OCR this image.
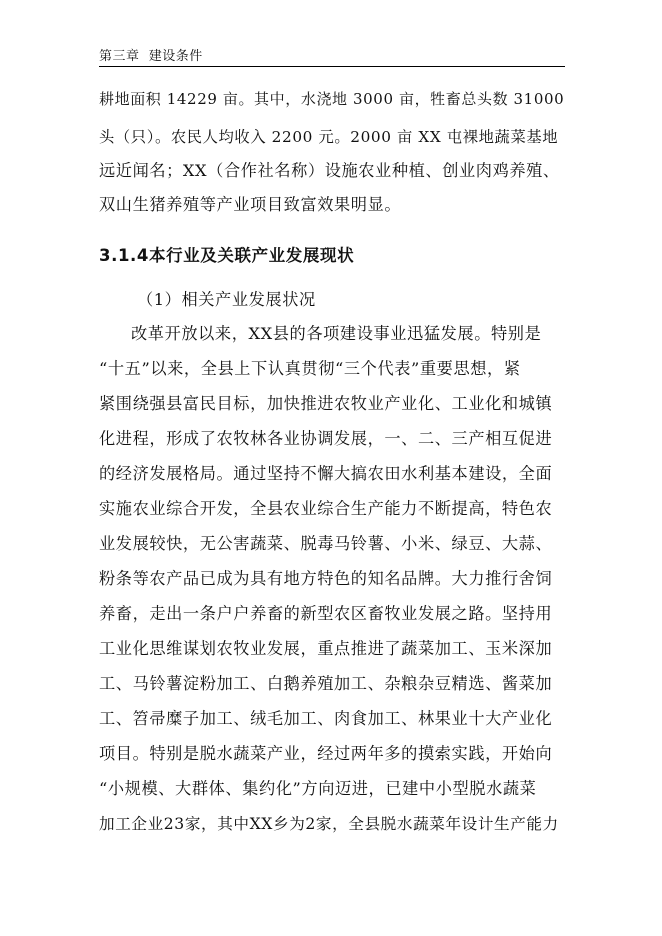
第三章 建设条件
耕地面积 14229 亩。其中，水浇地 3000 亩，牲畜总头数 31000
头（只）。农民人均收入 2200 元。2000 亩 XX 屯裸地蔬菜基地
远近闻名；XX（合作社名称）设施农业种植、创业肉鸡养殖、
双山生猪养殖等产业项目致富效果明显。
3.1.4本行业及关联产业发展现状
（1）相关产业发展状况
改革开放以来，XX县的各项建设事业迅猛发展。特别是
“十五”以来，全县上下认真贯彻“三个代表”重要思想，紧
紧围绕强县富民目标，加快推进农牧业产业化、工业化和城镇
化进程，形成了农牧林各业协调发展，一、二、三产相互促进
的经济发展格局。通过坚持不懈大搞农田水利基本建设，全面
实施农业综合开发，全县农业综合生产能力不断提高，特色农
业发展较快，无公害蔬菜、脱毒马铃薯、小米、绿豆、大蒜、
粉条等农产品已成为具有地方特色的知名品牌。大力推行舍饲
养畜，走出一条户户养畜的新型农区畜牧业发展之路。坚持用
工业化思维谋划农牧业发展，重点推进了蔬菜加工、玉米深加
工、马铃薯淀粉加工、白鹅养殖加工、杂粮杂豆精选、酱菜加
工、笤帚糜子加工、绒毛加工、肉食加工、林果业十大产业化
项目。特别是脱水蔬菜产业，经过两年多的摸索实践，开始向
“小规模、大群体、集约化”方向迈进，已建中小型脱水蔬菜
加工企业23家，其中XX乡为2家，全县脱水蔬菜年设计生产能力
